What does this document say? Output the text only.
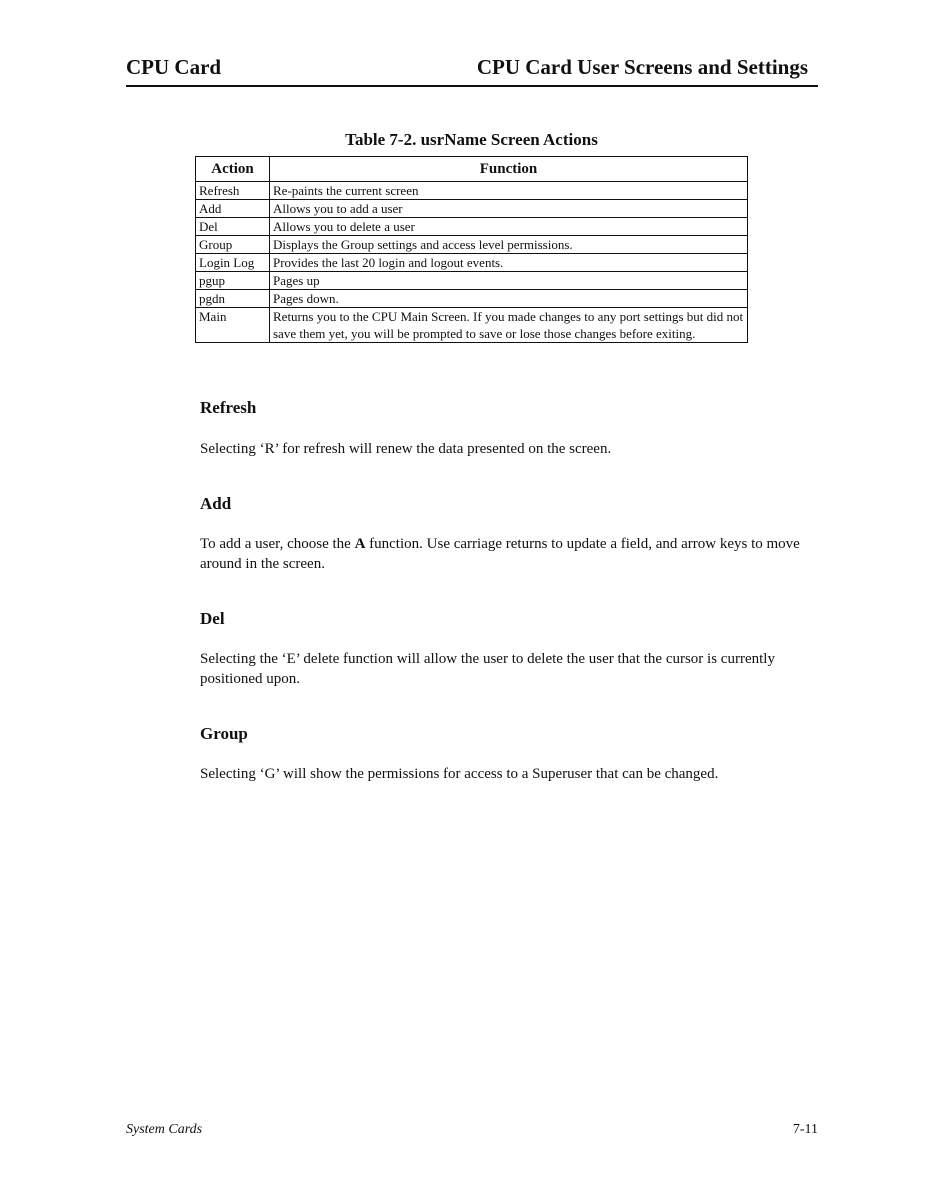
CPU Card	CPU Card User Screens and Settings
Table 7-2. usrName Screen Actions
Action	Function
Refresh	Re-paints the current screen
Add	Allows you to add a user
Del	Allows you to delete a user
Group	Displays the Group settings and access level permissions.
Login Log	Provides the last 20 login and logout events.
pgup	Pages up
pgdn	Pages down.
Main	Returns you to the CPU Main Screen. If you made changes to any port settings but did not save them yet, you will be prompted to save or lose those changes before exiting.
Refresh
Selecting ‘R’ for refresh will renew the data presented on the screen.
Add
To add a user, choose the A function. Use carriage returns to update a field, and arrow keys to move around in the screen.
Del
Selecting the ‘E’ delete function will allow the user to delete the user that the cursor is currently positioned upon.
Group
Selecting ‘G’ will show the permissions for access to a Superuser that can be changed.
System Cards	7-11
